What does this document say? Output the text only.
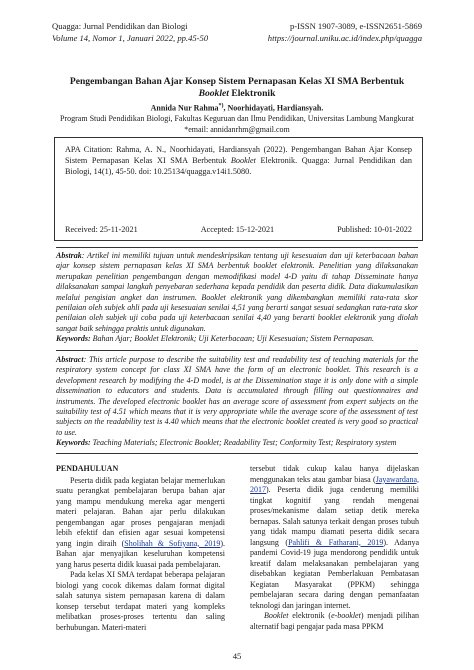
Quagga: Jurnal Pendidikan dan Biologi	p-ISSN 1907-3089, e-ISSN2651-5869
Volume 14, Nomor 1, Januari 2022, pp.45-50	https://journal.uniku.ac.id/index.php/quagga
Pengembangan Bahan Ajar Konsep Sistem Pernapasan Kelas XI SMA Berbentuk Booklet Elektronik
Annida Nur Rahma*), Noorhidayati, Hardiansyah.
Program Studi Pendidikan Biologi, Fakultas Keguruan dan Ilmu Pendidikan, Universitas Lambung Mangkurat
*email: annidanrhm@gmail.com
APA Citation: Rahma, A. N., Noorhidayati, Hardiansyah (2022). Pengembangan Bahan Ajar Konsep Sistem Pernapasan Kelas XI SMA Berbentuk Booklet Elektronik. Quagga: Jurnal Pendidikan dan Biologi, 14(1), 45-50. doi: 10.25134/quagga.v14i1.5080.
Received: 25-11-2021	Accepted: 15-12-2021	Published: 10-01-2022
Abstrak: Artikel ini memiliki tujuan untuk mendeskripsikan tentang uji kesesuaian dan uji keterbacaan bahan ajar konsep sistem pernapasan kelas XI SMA berbentuk booklet elektronik. Penelitian yang dilaksanakan merupakan penelitian pengembangan dengan memodifikasi model 4-D yaitu di tahap Disseminate hanya dilaksanakan sampai langkah penyebaran sederhana kepada pendidik dan peserta didik. Data diakumulasikan melalui pengisian angket dan instrumen. Booklet elektronik yang dikembangkan memiliki rata-rata skor penilaian oleh subjek ahli pada uji kesesuaian senilai 4,51 yang berarti sangat sesuai sedangkan rata-rata skor penilaian oleh subjek uji coba pada uji keterbacaan senilai 4,40 yang berarti booklet elektronik yang diolah sangat baik sehingga praktis untuk digunakan.
Keywords: Bahan Ajar; Booklet Elektronik; Uji Keterbacaan; Uji Kesesuaian; Sistem Pernapasan.
Abstract: This article purpose to describe the suitability test and readability test of teaching materials for the respiratory system concept for class XI SMA have the form of an electronic booklet. This research is a development research by modifying the 4-D model, is at the Dissemination stage it is only done with a simple dissemination to educators and students. Data is accumulated through filling out questionnaires and instruments. The developed electronic booklet has an average score of assessment from expert subjects on the suitability test of 4.51 which means that it is very appropriate while the average score of the assessment of test subjects on the readability test is 4.40 which means that the electronic booklet created is very good so practical to use.
Keywords: Teaching Materials; Electronic Booklet; Readability Test; Conformity Test; Respiratory system
PENDAHULUAN

Peserta didik pada kegiatan belajar memerlukan suatu perangkat pembelajaran berupa bahan ajar yang mampu mendukung mereka agar mengerti materi pelajaran. Bahan ajar perlu dilakukan pengembangan agar proses pengajaran menjadi lebih efektif dan efisien agar sesuai kompetensi yang ingin diraih (Sholihah & Sofiyana, 2019). Bahan ajar menyajikan keseluruhan kompetensi yang harus peserta didik kuasai pada pembelajaran.

Pada kelas XI SMA terdapat beberapa pelajaran biologi yang cocok dikemas dalam format digital salah satunya sistem pernapasan karena di dalam konsep tersebut terdapat materi yang kompleks melibatkan proses-proses tertentu dan saling berhubungan. Materi-materi

tersebut tidak cukup kalau hanya dijelaskan menggunakan teks atau gambar biasa (Jayawardana, 2017). Peserta didik juga cenderung memiliki tingkat kognitif yang rendah mengenai proses/mekanisme dalam setiap detik mereka bernapas. Salah satunya terkait dengan proses tubuh yang tidak mampu diamati peserta didik secara langsung (Pahlifi & Fatharani, 2019). Adanya pandemi Covid-19 juga mendorong pendidik untuk kreatif dalam melaksanakan pembelajaran yang disebabkan kegiatan Pemberlakuan Pembatasan Kegiatan Masyarakat (PPKM) sehingga pembelajaran secara daring dengan pemanfaatan teknologi dan jaringan internet.

Booklet elektronik (e-booklet) menjadi pilihan alternatif bagi pengajar pada masa PPKM

45
